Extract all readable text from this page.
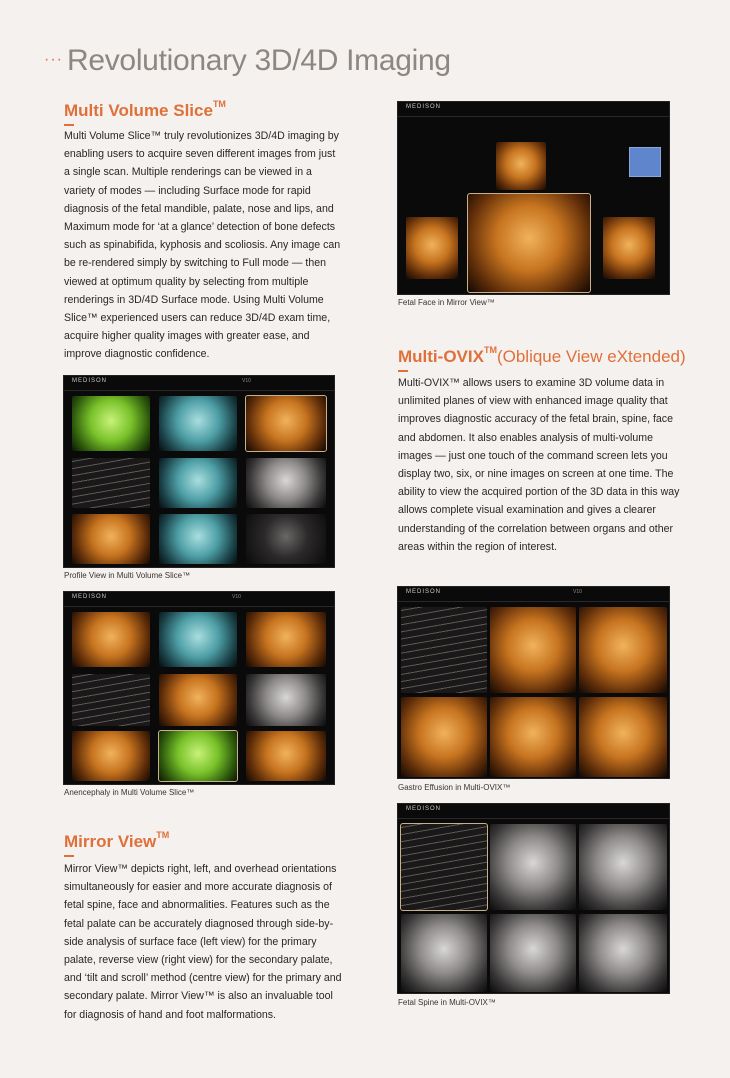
··· Revolutionary 3D/4D Imaging
Multi Volume Slice™
Multi Volume Slice™ truly revolutionizes 3D/4D imaging by enabling users to acquire seven different images from just a single scan. Multiple renderings can be viewed in a variety of modes — including Surface mode for rapid diagnosis of the fetal mandible, palate, nose and lips, and Maximum mode for ‘at a glance’ detection of bone defects such as spinabifida, kyphosis and scoliosis. Any image can be re-rendered simply by switching to Full mode — then viewed at optimum quality by selecting from multiple renderings in 3D/4D Surface mode. Using Multi Volume Slice™ experienced users can reduce 3D/4D exam time, acquire higher quality images with greater ease, and improve diagnostic confidence.
MEDISON	V10
Profile View in Multi Volume Slice™
MEDISON	V10
Anencephaly in Multi Volume Slice™
Mirror View™
Mirror View™ depicts right, left, and overhead orientations simultaneously for easier and more accurate diagnosis of fetal spine, face and abnormalities. Features such as the fetal palate can be accurately diagnosed through side-by-side analysis of surface face (left view) for the primary palate, reverse view (right view) for the secondary palate, and ‘tilt and scroll’ method (centre view) for the primary and secondary palate. Mirror View™ is also an invaluable tool for diagnosis of hand and foot malformations.
MEDISON
Fetal Face in Mirror View™
Multi-OVIX™(Oblique View eXtended)
Multi-OVIX™ allows users to examine 3D volume data in unlimited planes of view with enhanced image quality that improves diagnostic accuracy of the fetal brain, spine, face and abdomen. It also enables analysis of multi-volume images — just one touch of the command screen lets you display two, six, or nine images on screen at one time. The ability to view the acquired portion of the 3D data in this way allows complete visual examination and gives a clearer understanding of the correlation between organs and other areas within the region of interest.
MEDISON	V10
Gastro Effusion in Multi-OVIX™
MEDISON
Fetal Spine in Multi-OVIX™
